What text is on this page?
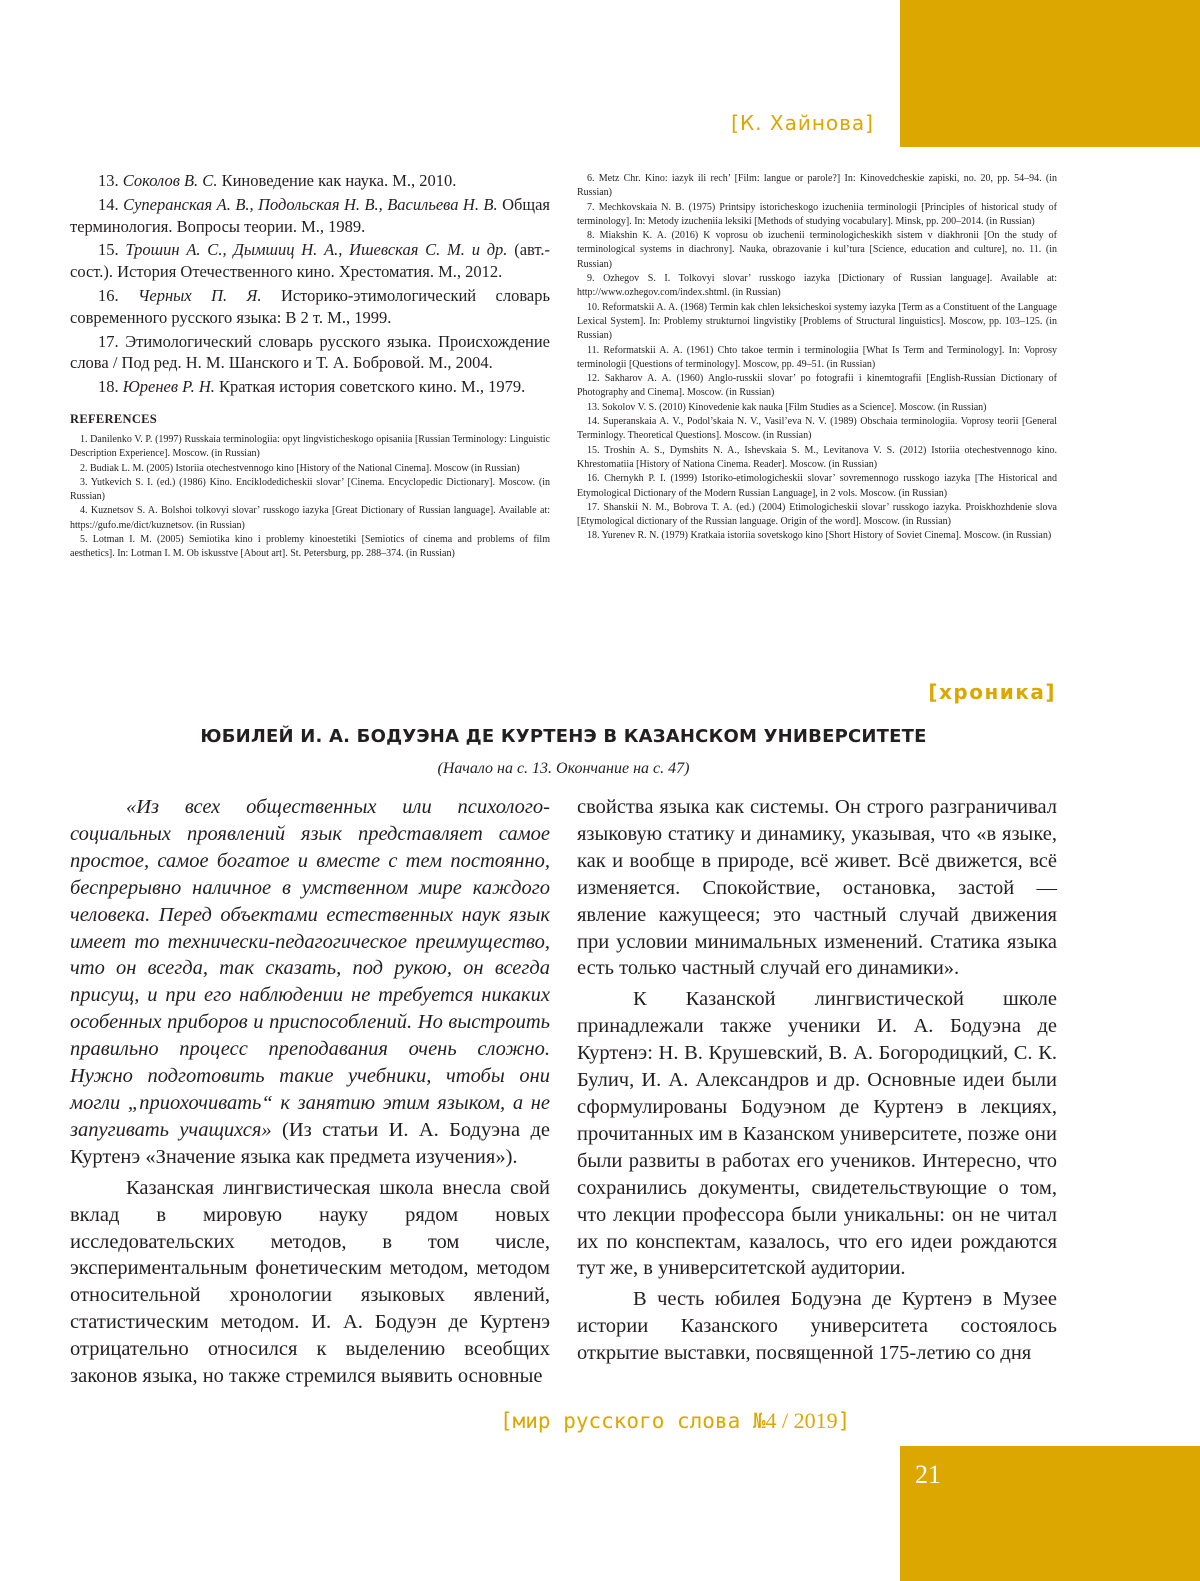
[К. Хайнова]

13. Соколов В. С. Киноведение как наука. М., 2010.

14. Суперанская А. В., Подольская Н. В., Васильева Н. В. Общая терминология. Вопросы теории. М., 1989.

15. Трошин А. С., Дымшиц Н. А., Ишевская С. М. и др. (авт.-сост.). История Отечественного кино. Хрестоматия. М., 2012.

16. Черных П. Я. Историко-этимологический словарь современного русского языка: В 2 т. М., 1999.

17. Этимологический словарь русского языка. Происхождение слова / Под ред. Н. М. Шанского и Т. А. Бобровой. М., 2004.

18. Юренев Р. Н. Краткая история советского кино. М., 1979.

REFERENCES

1. Danilenko V. P. (1997) Russkaia terminologiia: opyt lingvisticheskogo opisaniia [Russian Terminology: Linguistic Description Experience]. Moscow. (in Russian)

2. Budiak L. M. (2005) Istoriia otechestvennogo kino [History of the National Cinema]. Moscow (in Russian)

3. Yutkevich S. I. (ed.) (1986) Kino. Enciklodedicheskii slovar’ [Cinema. Encyclopedic Dictionary]. Moscow. (in Russian)

4. Kuznetsov S. A. Bolshoi tolkovyi slovar’ russkogo iazyka [Great Dictionary of Russian language]. Available at: https://gufo.me/dict/kuznetsov. (in Russian)

5. Lotman I. M. (2005) Semiotika kino i problemy kinoestetiki [Semiotics of cinema and problems of film aesthetics]. In: Lotman I. M. Ob iskusstve [About art]. St. Petersburg, pp. 288–374. (in Russian)

6. Metz Chr. Kino: iazyk ili rech’ [Film: langue or parole?] In: Kinovedcheskie zapiski, no. 20, pp. 54–94. (in Russian)

7. Mechkovskaia N. B. (1975) Printsipy istoricheskogo izucheniia terminologii [Principles of historical study of terminology]. In: Metody izucheniia leksiki [Methods of studying vocabulary]. Minsk, pp. 200–2014. (in Russian)

8. Miakshin K. A. (2016) K voprosu ob izuchenii terminologicheskikh sistem v diakhronii [On the study of terminological systems in diachrony]. Nauka, obrazovanie i kul’tura [Science, education and culture], no. 11. (in Russian)

9. Ozhegov S. I. Tolkovyi slovar’ russkogo iazyka [Dictionary of Russian language]. Available at: http://www.ozhegov.com/index.shtml. (in Russian)

10. Reformatskii A. A. (1968) Termin kak chlen leksicheskoi systemy iazyka [Term as a Constituent of the Language Lexical System]. In: Problemy strukturnoi lingvistiky [Problems of Structural linguistics]. Moscow, pp. 103–125. (in Russian)

11. Reformatskii A. A. (1961) Chto takoe termin i terminologiia [What Is Term and Terminology]. In: Voprosy terminologii [Questions of terminology]. Moscow, pp. 49–51. (in Russian)

12. Sakharov A. A. (1960) Anglo-russkii slovar’ po fotografii i kinemtografii [English-Russian Dictionary of Photography and Cinema]. Moscow. (in Russian)

13. Sokolov V. S. (2010) Kinovedenie kak nauka [Film Studies as a Science]. Moscow. (in Russian)

14. Superanskaia A. V., Podol’skaia N. V., Vasil’eva N. V. (1989) Obschaia terminologiia. Voprosy teorii [General Terminlogy. Theoretical Questions]. Moscow. (in Russian)

15. Troshin A. S., Dymshits N. A., Ishevskaia S. M., Levitanova V. S. (2012) Istoriia otechestvennogo kino. Khrestomatiia [History of Nationa Cinema. Reader]. Moscow. (in Russian)

16. Chernykh P. I. (1999) Istoriko-etimologicheskii slovar’ sovremennogo russkogo iazyka [The Historical and Etymological Dictionary of the Modern Russian Language], in 2 vols. Moscow. (in Russian)

17. Shanskii N. M., Bobrova T. A. (ed.) (2004) Etimologicheskii slovar’ russkogo iazyka. Proiskhozhdenie slova [Etymological dictionary of the Russian language. Origin of the word]. Moscow. (in Russian)

18. Yurenev R. N. (1979) Kratkaia istoriia sovetskogo kino [Short History of Soviet Cinema]. Moscow. (in Russian)

[хроника]
ЮБИЛЕЙ И. А. БОДУЭНА ДЕ КУРТЕНЭ В КАЗАНСКОМ УНИВЕРСИТЕТЕ
(Начало на с. 13. Окончание на с. 47)

«Из всех общественных или психолого-социальных проявлений язык представляет самое простое, самое богатое и вместе с тем постоянно, беспрерывно наличное в умственном мире каждого человека. Перед объектами естественных наук язык имеет то технически-педагогическое преимущество, что он всегда, так сказать, под рукою, он всегда присущ, и при его наблюдении не требуется никаких особенных приборов и приспособлений. Но выстроить правильно процесс преподавания очень сложно. Нужно подготовить такие учебники, чтобы они могли „приохочивать“ к занятию этим языком, а не запугивать учащихся» (Из статьи И. А. Бодуэна де Куртенэ «Значение языка как предмета изучения»).

Казанская лингвистическая школа внесла свой вклад в мировую науку рядом новых исследовательских методов, в том числе, экспериментальным фонетическим методом, методом относительной хронологии языковых явлений, статистическим методом. И. А. Бодуэн де Куртенэ отрицательно относился к выделению всеобщих законов языка, но также стремился выявить основные

свойства языка как системы. Он строго разграничивал языковую статику и динамику, указывая, что «в языке, как и вообще в природе, всё живет. Всё движется, всё изменяется. Спокойствие, остановка, застой — явление кажущееся; это частный случай движения при условии минимальных изменений. Статика языка есть только частный случай его динамики».

К Казанской лингвистической школе принадлежали также ученики И. А. Бодуэна де Куртенэ: Н. В. Крушевский, В. А. Богородицкий, С. К. Булич, И. А. Александров и др. Основные идеи были сформулированы Бодуэном де Куртенэ в лекциях, прочитанных им в Казанском университете, позже они были развиты в работах его учеников. Интересно, что сохранились документы, свидетельствующие о том, что лекции профессора были уникальны: он не читал их по конспектам, казалось, что его идеи рождаются тут же, в университетской аудитории.

В честь юбилея Бодуэна де Куртенэ в Музее истории Казанского университета состоялось открытие выставки, посвященной 175-летию со дня

[мир русского слова №4 / 2019]
21
